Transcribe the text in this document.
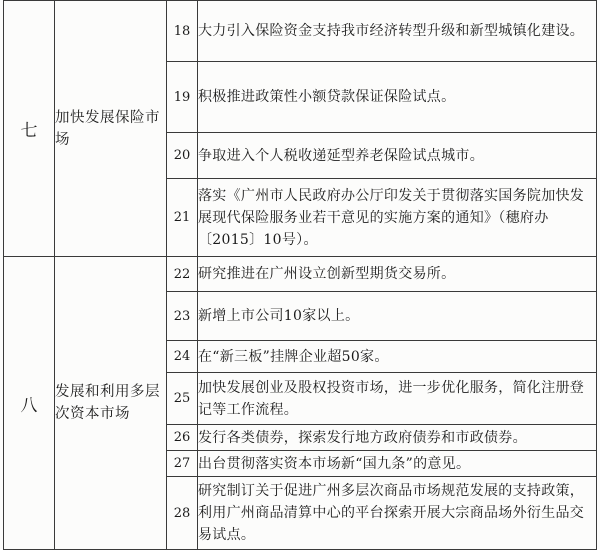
七	加快发展保险市场	18	大力引入保险资金支持我市经济转型升级和新型城镇化建设。
		19	积极推进政策性小额贷款保证保险试点。
		20	争取进入个人税收递延型养老保险试点城市。
		21	落实《广州市人民政府办公厅印发关于贯彻落实国务院加快发展现代保险服务业若干意见的实施方案的通知》（穗府办〔2015〕10号）。
八	发展和利用多层次资本市场	22	研究推进在广州设立创新型期货交易所。
		23	新增上市公司10家以上。
		24	在“新三板”挂牌企业超50家。
		25	加快发展创业及股权投资市场，进一步优化服务，简化注册登记等工作流程。
		26	发行各类债券，探索发行地方政府债券和市政债券。
		27	出台贯彻落实资本市场新“国九条”的意见。
		28	研究制订关于促进广州多层次商品市场规范发展的支持政策，利用广州商品清算中心的平台探索开展大宗商品场外衍生品交易试点。
